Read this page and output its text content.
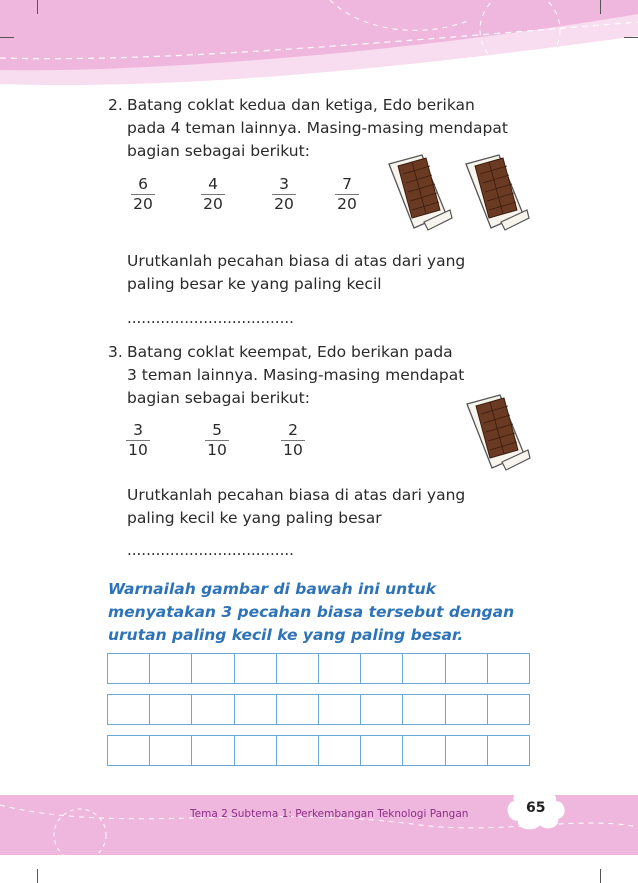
2. Batang coklat kedua dan ketiga, Edo berikan
pada 4 teman lainnya. Masing-masing mendapat
bagian sebagai berikut:
6
20
4
20
3
20
7
20
Urutkanlah pecahan biasa di atas dari yang
paling besar ke yang paling kecil
...................................
3. Batang coklat keempat, Edo berikan pada
3 teman lainnya. Masing-masing mendapat
bagian sebagai berikut:
3
10
5
10
2
10
Urutkanlah pecahan biasa di atas dari yang
paling kecil ke yang paling besar
...................................
Warnailah gambar di bawah ini untuk
menyatakan 3 pecahan biasa tersebut dengan
urutan paling kecil ke yang paling besar.
Tema 2 Subtema 1: Perkembangan Teknologi Pangan	65
